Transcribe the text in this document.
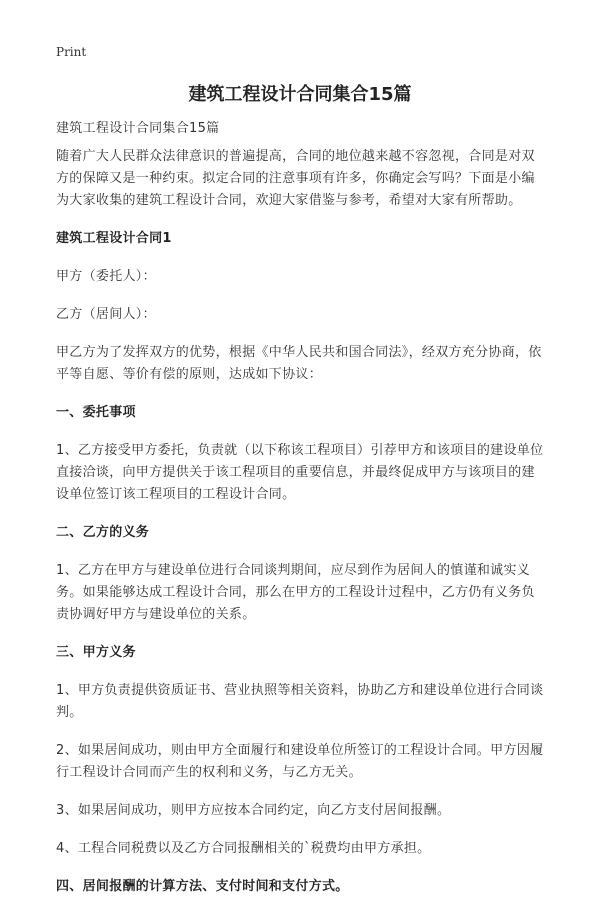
Print
建筑工程设计合同集合15篇

建筑工程设计合同集合15篇

随着广大人民群众法律意识的普遍提高，合同的地位越来越不容忽视，合同是对双方的保障又是一种约束。拟定合同的注意事项有许多，你确定会写吗？下面是小编为大家收集的建筑工程设计合同，欢迎大家借鉴与参考，希望对大家有所帮助。

建筑工程设计合同1

甲方（委托人）：

乙方（居间人）：

甲乙方为了发挥双方的优势，根据《中华人民共和国合同法》，经双方充分协商，依平等自愿、等价有偿的原则，达成如下协议：

一、委托事项

1、乙方接受甲方委托，负责就（以下称该工程项目）引荐甲方和该项目的建设单位直接洽谈，向甲方提供关于该工程项目的重要信息，并最终促成甲方与该项目的建设单位签订该工程项目的工程设计合同。

二、乙方的义务

1、乙方在甲方与建设单位进行合同谈判期间，应尽到作为居间人的慎谨和诚实义务。如果能够达成工程设计合同，那么在甲方的工程设计过程中，乙方仍有义务负责协调好甲方与建设单位的关系。

三、甲方义务

1、甲方负责提供资质证书、营业执照等相关资料，协助乙方和建设单位进行合同谈判。

2、如果居间成功，则由甲方全面履行和建设单位所签订的工程设计合同。甲方因履行工程设计合同而产生的权利和义务，与乙方无关。

3、如果居间成功，则甲方应按本合同约定，向乙方支付居间报酬。

4、工程合同税费以及乙方合同报酬相关的`税费均由甲方承担。

四、居间报酬的计算方法、支付时间和支付方式。
